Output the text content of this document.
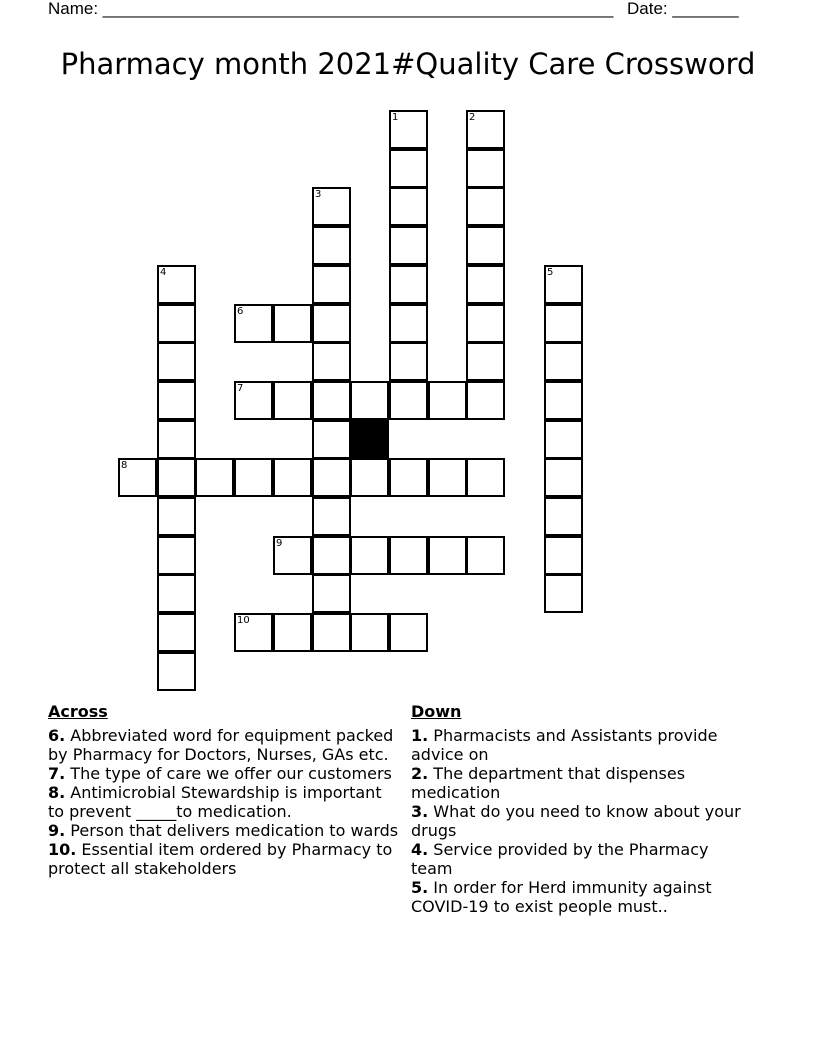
Name: ______________________________________________________ Date: _______
Pharmacy month 2021#Quality Care Crossword
1	2
3
4	5
6
7
8
9
10
Across
6. Abbreviated word for equipment packed by Pharmacy for Doctors, Nurses, GAs etc.
7. The type of care we offer our customers
8. Antimicrobial Stewardship is important to prevent _____to medication.
9. Person that delivers medication to wards
10. Essential item ordered by Pharmacy to protect all stakeholders
Down
1. Pharmacists and Assistants provide advice on
2. The department that dispenses medication
3. What do you need to know about your drugs
4. Service provided by the Pharmacy team
5. In order for Herd immunity against COVID-19 to exist people must..
